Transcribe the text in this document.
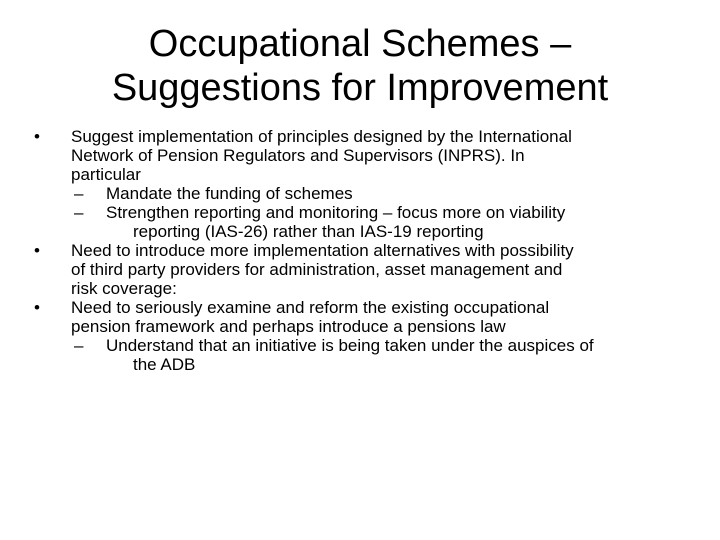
Occupational Schemes –
Suggestions for Improvement
• Suggest implementation of principles designed by the International
Network of Pension Regulators and Supervisors (INPRS). In
particular
– Mandate the funding of schemes
– Strengthen reporting and monitoring – focus more on viability
reporting (IAS-26) rather than IAS-19 reporting
• Need to introduce more implementation alternatives with possibility
of third party providers for administration, asset management and
risk coverage:
• Need to seriously examine and reform the existing occupational
pension framework and perhaps introduce a pensions law
– Understand that an initiative is being taken under the auspices of
the ADB
